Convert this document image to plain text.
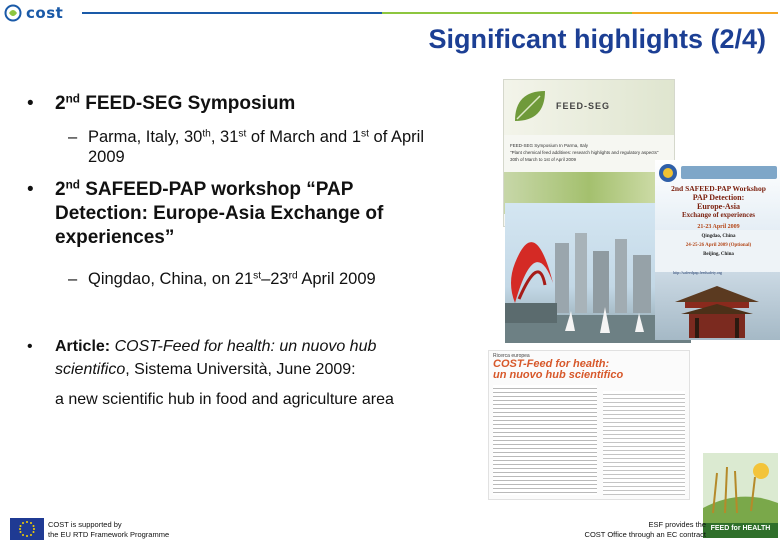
cost
Significant highlights (2/4)
• 2nd FEED-SEG Symposium
– Parma, Italy, 30th, 31st of March and 1st of April
2009
• 2nd SAFEED-PAP workshop “PAP
Detection: Europe-Asia Exchange of
experiences”
– Qingdao, China, on 21st–23rd April 2009
• Article: COST-Feed for health: un nuovo hub
scientifico, Sistema Università, June 2009:
a new scientific hub in food and agriculture area
FEED-SEG
FEED-SEG Symposium In Parma, Italy
"Plant chemical feed additives: research highlights and regulatory aspects"
30th of March to 1st of April 2009
2nd SAFEED-PAP Workshop
PAP Detection:
Europe-Asia
Exchange of experiences
21-23 April 2009
Qingdao, China
24-25-26 April 2009 (Optional)
Beijing, China
http://safeedpap.feedsafety.org
Ricerca europea
COST-Feed for health:
un nuovo hub scientifico
FEED for HEALTH
COST is supported by
the EU RTD Framework Programme
ESF provides the
COST Office through an EC contract
